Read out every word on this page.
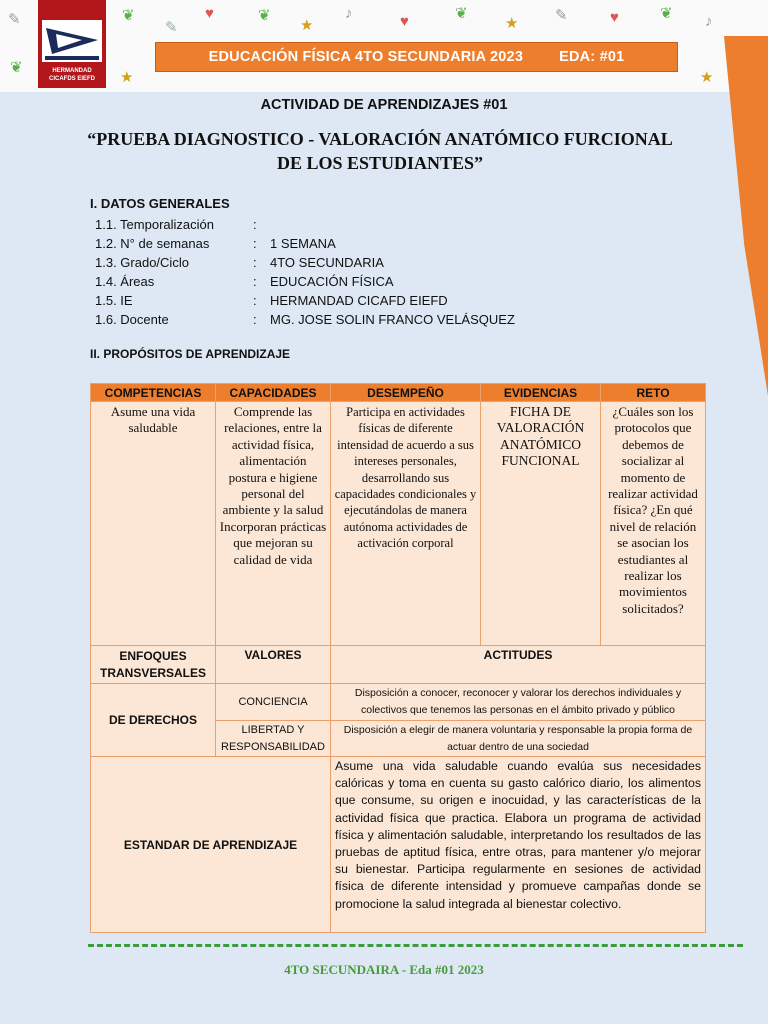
❦
✎
♥	❦
★
♪	♥	❦
★ ✎	♥	❦ ♪
★
✎
❦
★
HERMANDAD
CICAFDS EIEFD
EDUCACIÓN FÍSICA 4TO SECUNDARIA 2023 EDA: #01
ACTIVIDAD DE APRENDIZAJES #01
“PRUEBA DIAGNOSTICO - VALORACIÓN ANATÓMICO FURCIONAL
DE LOS ESTUDIANTES”
I. DATOS GENERALES
1.1. Temporalización	:
1.2. N° de semanas	: 1 SEMANA
1.3. Grado/Ciclo	: 4TO SECUNDARIA
1.4. Áreas	: EDUCACIÓN FÍSICA
1.5. IE	: HERMANDAD CICAFD EIEFD
1.6. Docente	: MG. JOSE SOLIN FRANCO VELÁSQUEZ
II. PROPÓSITOS DE APRENDIZAJE
COMPETENCIAS	CAPACIDADES	DESEMPEÑO	EVIDENCIAS	RETO
Asume una vida saludable	Comprende las relaciones, entre la actividad física, alimentación postura e higiene personal del ambiente y la salud Incorporan prácticas que mejoran su calidad de vida	Participa en actividades físicas de diferente intensidad de acuerdo a sus intereses personales, desarrollando sus capacidades condicionales y ejecutándolas de manera autónoma actividades de activación corporal	FICHA DE VALORACIÓN ANATÓMICO FUNCIONAL	¿Cuáles son los protocolos que debemos de socializar al momento de realizar actividad física? ¿En qué nivel de relación se asocian los estudiantes al realizar los movimientos solicitados?
ENFOQUES TRANSVERSALES	VALORES	ACTITUDES		
DE DERECHOS	CONCIENCIA	Disposición a conocer, reconocer y valorar los derechos individuales y colectivos que tenemos las personas en el ámbito privado y público		
	LIBERTAD Y RESPONSABILIDAD	Disposición a elegir de manera voluntaria y responsable la propia forma de actuar dentro de una sociedad		
ESTANDAR DE APRENDIZAJE		Asume una vida saludable cuando evalúa sus necesidades calóricas y toma en cuenta su gasto calórico diario, los alimentos que consume, su origen e inocuidad, y las características de la actividad física que practica. Elabora un programa de actividad física y alimentación saludable, interpretando los resultados de las pruebas de aptitud física, entre otras, para mantener y/o mejorar su bienestar. Participa regularmente en sesiones de actividad física de diferente intensidad y promueve campañas donde se promocione la salud integrada al bienestar colectivo.		
4TO SECUNDAIRA - Eda #01 2023
